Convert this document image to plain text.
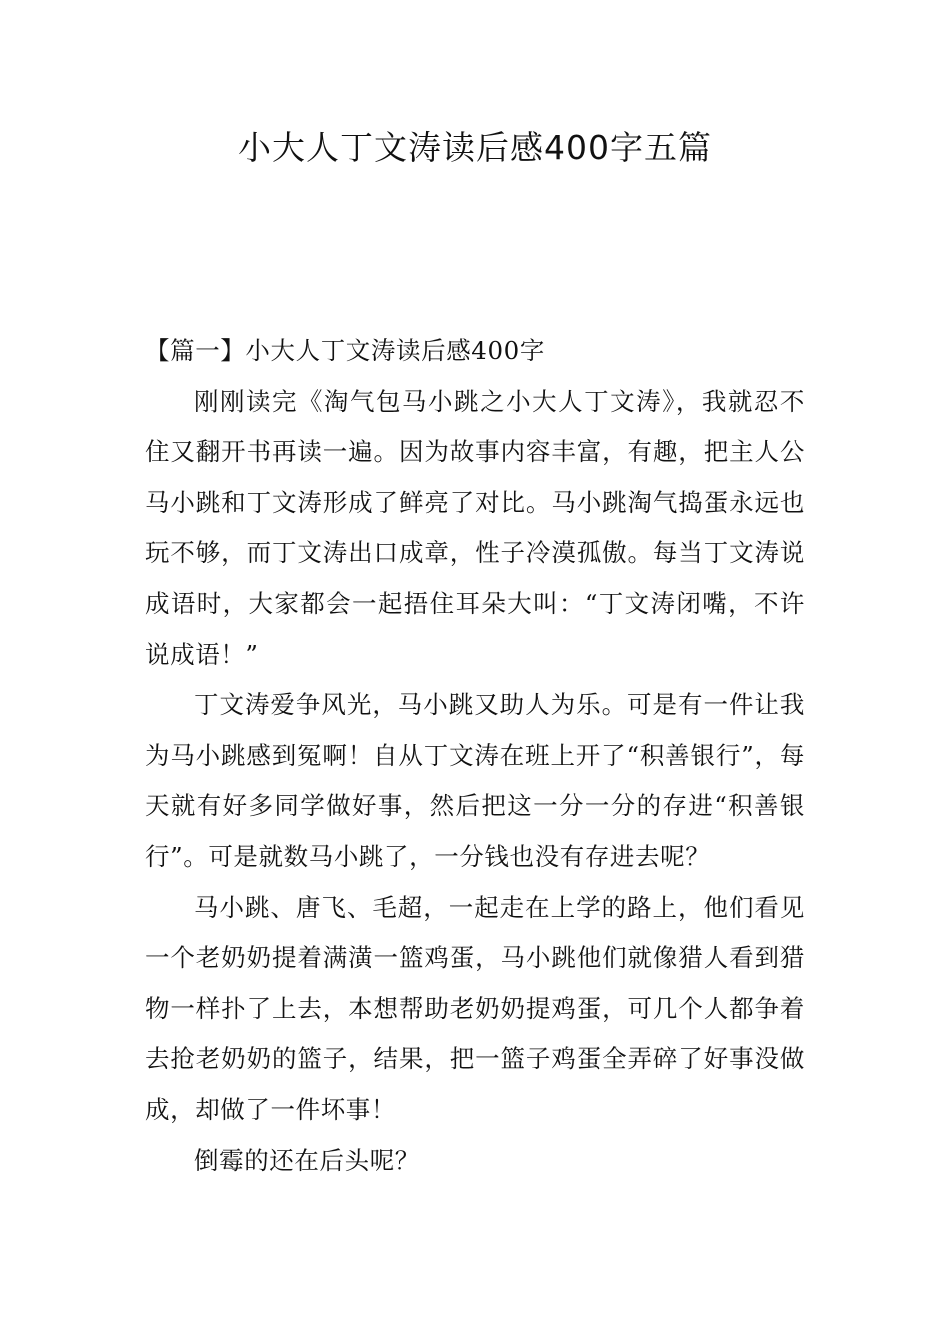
小大人丁文涛读后感400字五篇

【篇一】小大人丁文涛读后感400字

刚刚读完《淘气包马小跳之小大人丁文涛》，我就忍不住又翻开书再读一遍。因为故事内容丰富，有趣，把主人公马小跳和丁文涛形成了鲜亮了对比。马小跳淘气捣蛋永远也玩不够，而丁文涛出口成章，性子冷漠孤傲。每当丁文涛说成语时，大家都会一起捂住耳朵大叫：“丁文涛闭嘴，不许说成语！”

丁文涛爱争风光，马小跳又助人为乐。可是有一件让我为马小跳感到冤啊！自从丁文涛在班上开了“积善银行”，每天就有好多同学做好事，然后把这一分一分的存进“积善银行”。可是就数马小跳了，一分钱也没有存进去呢？

马小跳、唐飞、毛超，一起走在上学的路上，他们看见一个老奶奶提着满潢一篮鸡蛋，马小跳他们就像猎人看到猎物一样扑了上去，本想帮助老奶奶提鸡蛋，可几个人都争着去抢老奶奶的篮子，结果，把一篮子鸡蛋全弄碎了好事没做成，却做了一件坏事！

倒霉的还在后头呢？
